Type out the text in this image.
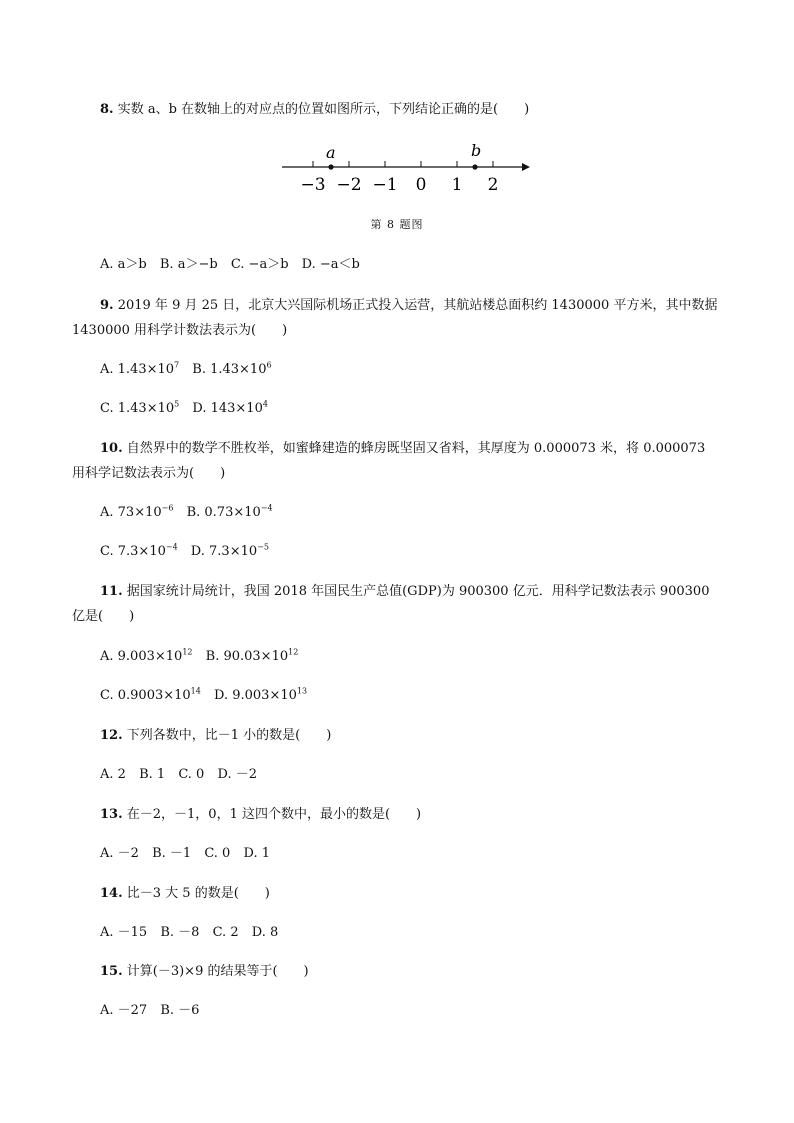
8. 实数 a、b 在数轴上的对应点的位置如图所示，下列结论正确的是(　　)
−3 −2 −1 0 1 2
a	b
第 8 题图
A. a＞b B. a＞−b C. −a＞b D. −a＜b
9. 2019 年 9 月 25 日，北京大兴国际机场正式投入运营，其航站楼总面积约 1430000 平方米，其中数据
1430000 用科学计数法表示为(　　)
A. $1.43\times 10^7$ B. $1.43\times 10^6$
C. $1.43\times 10^5$ D. $143\times 10^4$
10. 自然界中的数学不胜枚举，如蜜蜂建造的蜂房既坚固又省料，其厚度为 0.000073 米，将 0.000073
用科学记数法表示为(　　)
A. $73\times 10^{-6}$ B. $0.73\times 10^{-4}$
C. $7.3\times 10^{-4}$ D. $7.3\times 10^{-5}$
11. 据国家统计局统计，我国 2018 年国民生产总值(GDP)为 900300 亿元．用科学记数法表示 900300
亿是(　　)
A. $9.003\times 10^{12}$ B. $90.03\times 10^{12}$
C. $0.9003\times 10^{14}$ D. $9.003\times 10^{13}$
12. 下列各数中，比－1 小的数是(　　)
A. 2 B. 1 C. 0 D. －2
13. 在－2，－1，0，1 这四个数中，最小的数是(　　)
A. －2 B. －1 C. 0 D. 1
14. 比－3 大 5 的数是(　　)
A. －15 B. －8 C. 2 D. 8
15. 计算(－3)×9 的结果等于(　　)
A. －27 B. －6
